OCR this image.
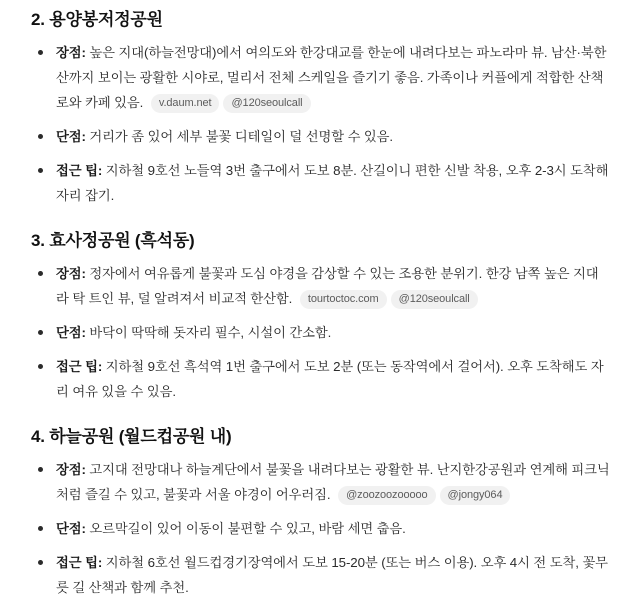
2. 용양봉저정공원
장점: 높은 지대(하늘전망대)에서 여의도와 한강대교를 한눈에 내려다보는 파노라마 뷰. 남산·북한산까지 보이는 광활한 시야로, 멀리서 전체 스케일을 즐기기 좋음. 가족이나 커플에게 적합한 산책로와 카페 있음. v.daum.net @120seoulcall
단점: 거리가 좀 있어 세부 불꽃 디테일이 덜 선명할 수 있음.
접근 팁: 지하철 9호선 노들역 3번 출구에서 도보 8분. 산길이니 편한 신발 착용, 오후 2-3시 도착해 자리 잡기.
3. 효사정공원 (흑석동)
장점: 정자에서 여유롭게 불꽃과 도심 야경을 감상할 수 있는 조용한 분위기. 한강 남쪽 높은 지대라 탁 트인 뷰, 덜 알려져서 비교적 한산함. tourtoctoc.com @120seoulcall
단점: 바닥이 딱딱해 돗자리 필수, 시설이 간소함.
접근 팁: 지하철 9호선 흑석역 1번 출구에서 도보 2분 (또는 동작역에서 걸어서). 오후 도착해도 자리 여유 있을 수 있음.
4. 하늘공원 (월드컵공원 내)
장점: 고지대 전망대나 하늘계단에서 불꽃을 내려다보는 광활한 뷰. 난지한강공원과 연계해 피크닉처럼 즐길 수 있고, 불꽃과 서울 야경이 어우러짐. @zoozoozooooo @jongy064
단점: 오르막길이 있어 이동이 불편할 수 있고, 바람 세면 춥음.
접근 팁: 지하철 6호선 월드컵경기장역에서 도보 15-20분 (또는 버스 이용). 오후 4시 전 도착, 꽃무릇 길 산책과 함께 추천.
